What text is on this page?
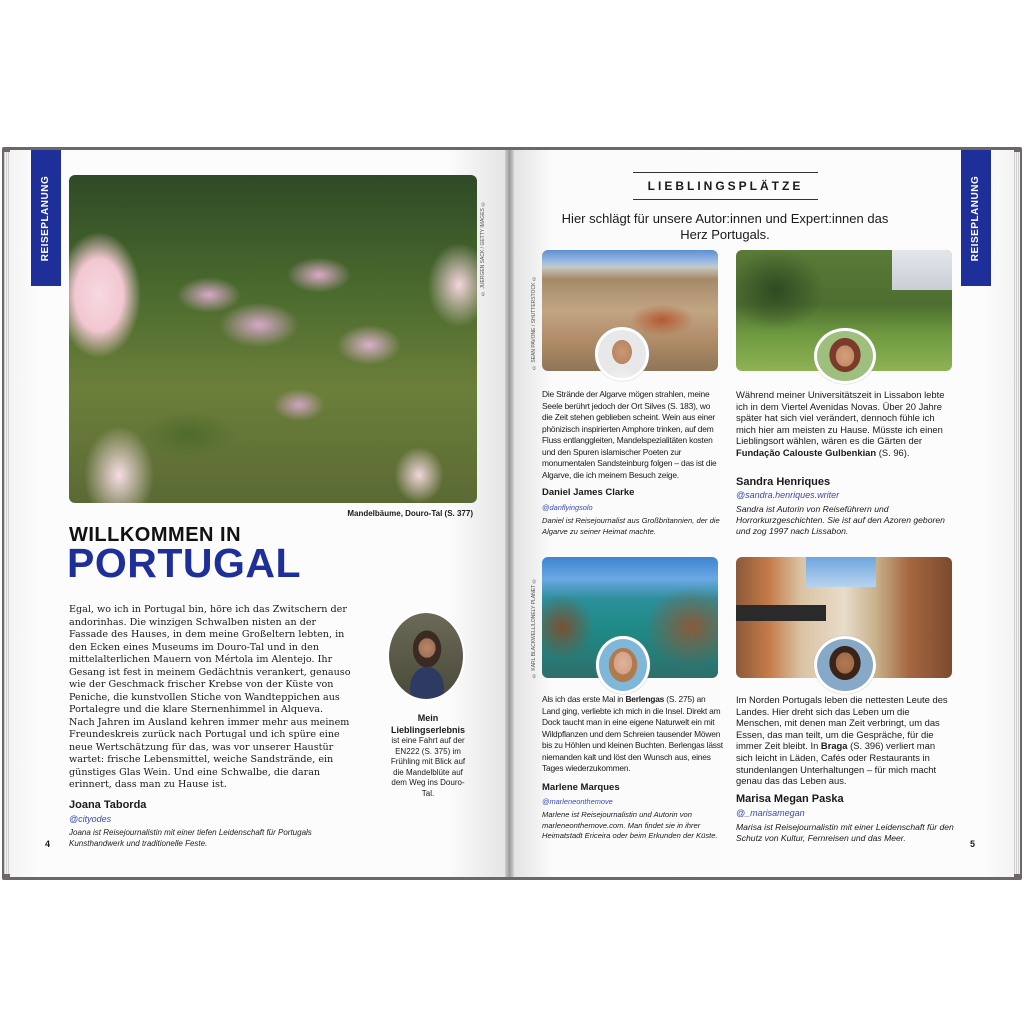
REISEPLANUNG	© JUERGEN SACK / GETTY IMAGES ©
Mandelbäume, Douro-Tal (S. 377)
WILLKOMMEN IN
PORTUGAL

Egal, wo ich in Portugal bin, höre ich das Zwitschern der andorinhas. Die winzigen Schwalben nisten an der Fassade des Hauses, in dem meine Großeltern lebten, in den Ecken eines Museums im Douro-Tal und in den mittelalterlichen Mauern von Mértola im Alentejo. Ihr Gesang ist fest in meinem Gedächtnis verankert, genauso wie der Geschmack frischer Krebse von der Küste von Peniche, die kunstvollen Stiche von Wandteppichen aus Portalegre und die klare Sternenhimmel in Alqueva.

Nach Jahren im Ausland kehren immer mehr aus meinem Freundeskreis zurück nach Portugal und ich spüre eine neue Wertschätzung für das, was vor unserer Haustür wartet: frische Lebensmittel, weiche Sandstrände, ein günstiges Glas Wein. Und eine Schwalbe, die daran erinnert, dass man zu Hause ist.

Joana Taborda
@cityodes
Joana ist Reisejournalistin mit einer tiefen Leidenschaft für Portugals Kunsthandwerk und traditionelle Feste.
Mein Lieblingserlebnis
ist eine Fahrt auf der EN222 (S. 375) im Frühling mit Blick auf die Mandelblüte auf dem Weg ins Douro-Tal.
4
REISEPLANUNG
LIEBLINGSPLÄTZE
Hier schlägt für unsere Autor:innen und Expert:innen das Herz Portugals.
© SEAN PAVONE / SHUTTERSTOCK ©
Die Strände der Algarve mögen strahlen, meine Seele berührt jedoch der Ort Silves (S. 183), wo die Zeit stehen geblieben scheint. Wein aus einer phönizisch inspirierten Amphore trinken, auf dem Fluss entlanggleiten, Mandelspezialitäten kosten und den Spuren islamischer Poeten zur monumentalen Sandsteinburg folgen – das ist die Algarve, die ich meinem Besuch zeige.
Daniel James Clarke
@danflyingsolo
Daniel ist Reisejournalist aus Großbritannien, der die Algarve zu seiner Heimat machte.
Während meiner Universitätszeit in Lissabon lebte ich in dem Viertel Avenidas Novas. Über 20 Jahre später hat sich viel verändert, dennoch fühle ich mich hier am meisten zu Hause. Müsste ich einen Lieblingsort wählen, wären es die Gärten der Fundação Calouste Gulbenkian (S. 96).
Sandra Henriques
@sandra.henriques.writer
Sandra ist Autorin von Reiseführern und Horrorkurzgeschichten. Sie ist auf den Azoren geboren und zog 1997 nach Lissabon.
© KARL BLACKWELL/LONELY PLANET ©
Als ich das erste Mal in Berlengas (S. 275) an Land ging, verliebte ich mich in die Insel. Direkt am Dock taucht man in eine eigene Naturwelt ein mit Wildpflanzen und dem Schreien tausender Möwen bis zu Höhlen und kleinen Buchten. Berlengas lässt niemanden kalt und löst den Wunsch aus, eines Tages wiederzukommen.
Marlene Marques
@marleneonthemove
Marlene ist Reisejournalistin und Autorin von marleneonthemove.com. Man findet sie in ihrer Heimatstadt Ericeira oder beim Erkunden der Küste.
Im Norden Portugals leben die nettesten Leute des Landes. Hier dreht sich das Leben um die Menschen, mit denen man Zeit verbringt, um das Essen, das man teilt, um die Gespräche, für die immer Zeit bleibt. In Braga (S. 396) verliert man sich leicht in Läden, Cafés oder Restaurants in stundenlangen Unterhaltungen – für mich macht genau das das Leben aus.
Marisa Megan Paska
@_marisamegan
Marisa ist Reisejournalistin mit einer Leidenschaft für den Schutz von Kultur, Fernreisen und das Meer.
5
